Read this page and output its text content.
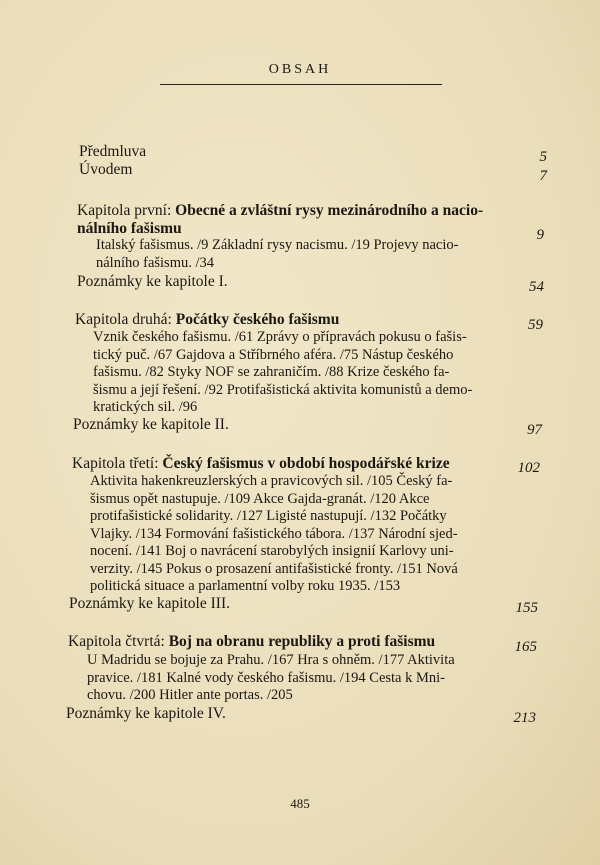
OBSAH
Předmluva	5
Úvodem	7
Kapitola první: Obecné a zvláštní rysy mezinárodního a nacio-
nálního fašismu	9
Italský fašismus. /9 Základní rysy nacismu. /19 Projevy nacio-
nálního fašismu. /34
Poznámky ke kapitole I.	54
Kapitola druhá: Počátky českého fašismu	59
Vznik českého fašismu. /61 Zprávy o přípravách pokusu o fašis-
tický puč. /67 Gajdova a Stříbrného aféra. /75 Nástup českého
fašismu. /82 Styky NOF se zahraničím. /88 Krize českého fa-
šismu a její řešení. /92 Protifašistická aktivita komunistů a demo-
kratických sil. /96
Poznámky ke kapitole II.	97
Kapitola třetí: Český fašismus v období hospodářské krize	102
Aktivita hakenkreuzlerských a pravicových sil. /105 Český fa-
šismus opět nastupuje. /109 Akce Gajda-granát. /120 Akce
protifašistické solidarity. /127 Ligisté nastupují. /132 Počátky
Vlajky. /134 Formování fašistického tábora. /137 Národní sjed-
nocení. /141 Boj o navrácení starobylých insignií Karlovy uni-
verzity. /145 Pokus o prosazení antifašistické fronty. /151 Nová
politická situace a parlamentní volby roku 1935. /153
Poznámky ke kapitole III.	155
Kapitola čtvrtá: Boj na obranu republiky a proti fašismu	165
U Madridu se bojuje za Prahu. /167 Hra s ohněm. /177 Aktivita
pravice. /181 Kalné vody českého fašismu. /194 Cesta k Mni-
chovu. /200 Hitler ante portas. /205
Poznámky ke kapitole IV.	213
485
